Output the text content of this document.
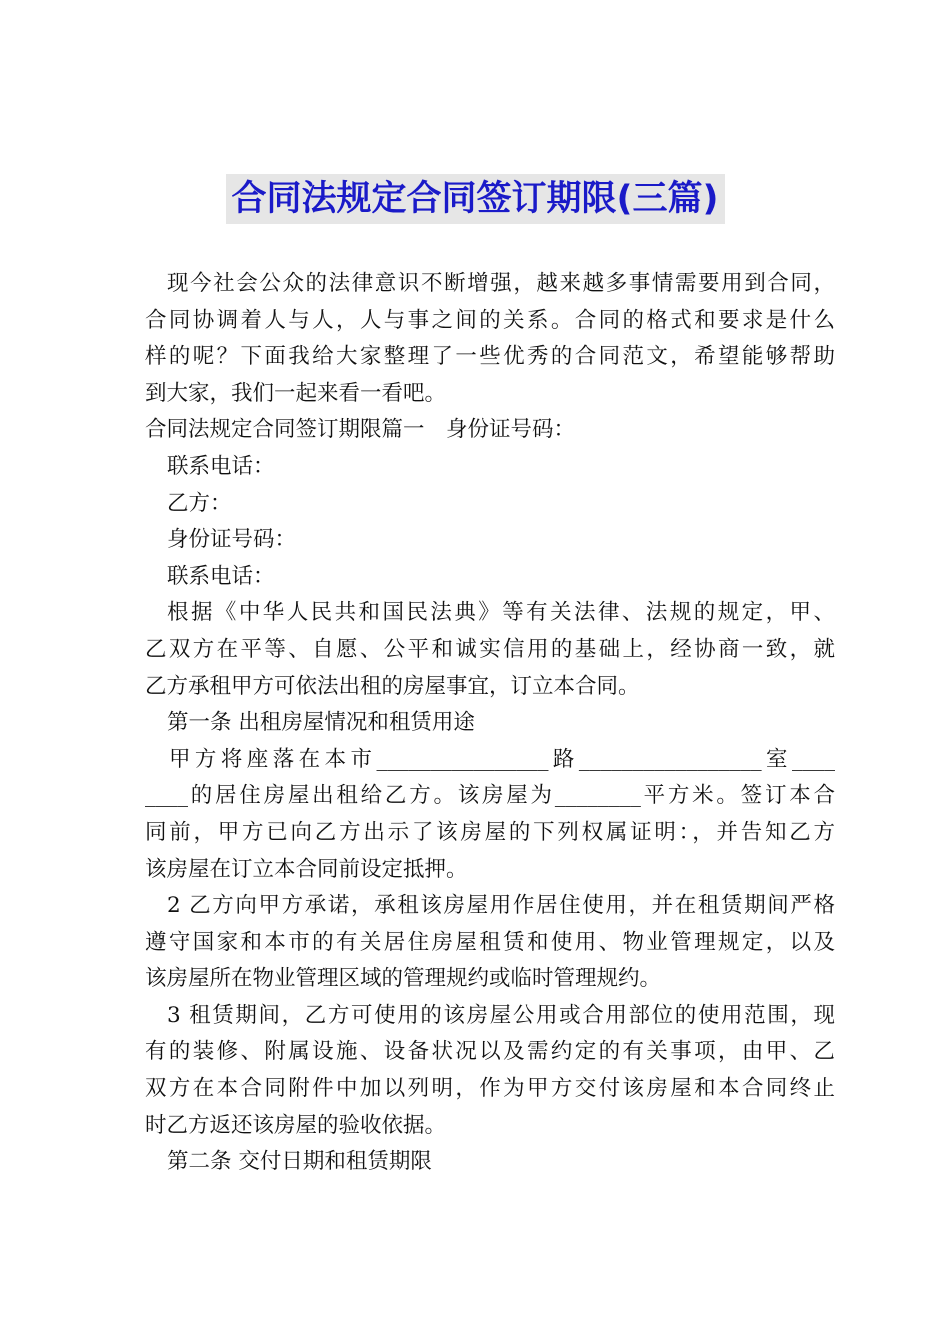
合同法规定合同签订期限(三篇)

现今社会公众的法律意识不断增强，越来越多事情需要用到合同，

合同协调着人与人，人与事之间的关系。合同的格式和要求是什么

样的呢？下面我给大家整理了一些优秀的合同范文，希望能够帮助

到大家，我们一起来看一看吧。

合同法规定合同签订期限篇一　身份证号码：

联系电话：

乙方：

身份证号码：

联系电话：

根据《中华人民共和国民法典》等有关法律、法规的规定，甲、

乙双方在平等、自愿、公平和诚实信用的基础上，经协商一致，就

乙方承租甲方可依法出租的房屋事宜，订立本合同。

第一条 出租房屋情况和租赁用途

甲方将座落在本市________________路_________________室____

____的居住房屋出租给乙方。该房屋为________平方米。签订本合

同前，甲方已向乙方出示了该房屋的下列权属证明：，并告知乙方

该房屋在订立本合同前设定抵押。

2 乙方向甲方承诺，承租该房屋用作居住使用，并在租赁期间严格

遵守国家和本市的有关居住房屋租赁和使用、物业管理规定，以及

该房屋所在物业管理区域的管理规约或临时管理规约。

3 租赁期间，乙方可使用的该房屋公用或合用部位的使用范围，现

有的装修、附属设施、设备状况以及需约定的有关事项，由甲、乙

双方在本合同附件中加以列明，作为甲方交付该房屋和本合同终止

时乙方返还该房屋的验收依据。

第二条 交付日期和租赁期限
